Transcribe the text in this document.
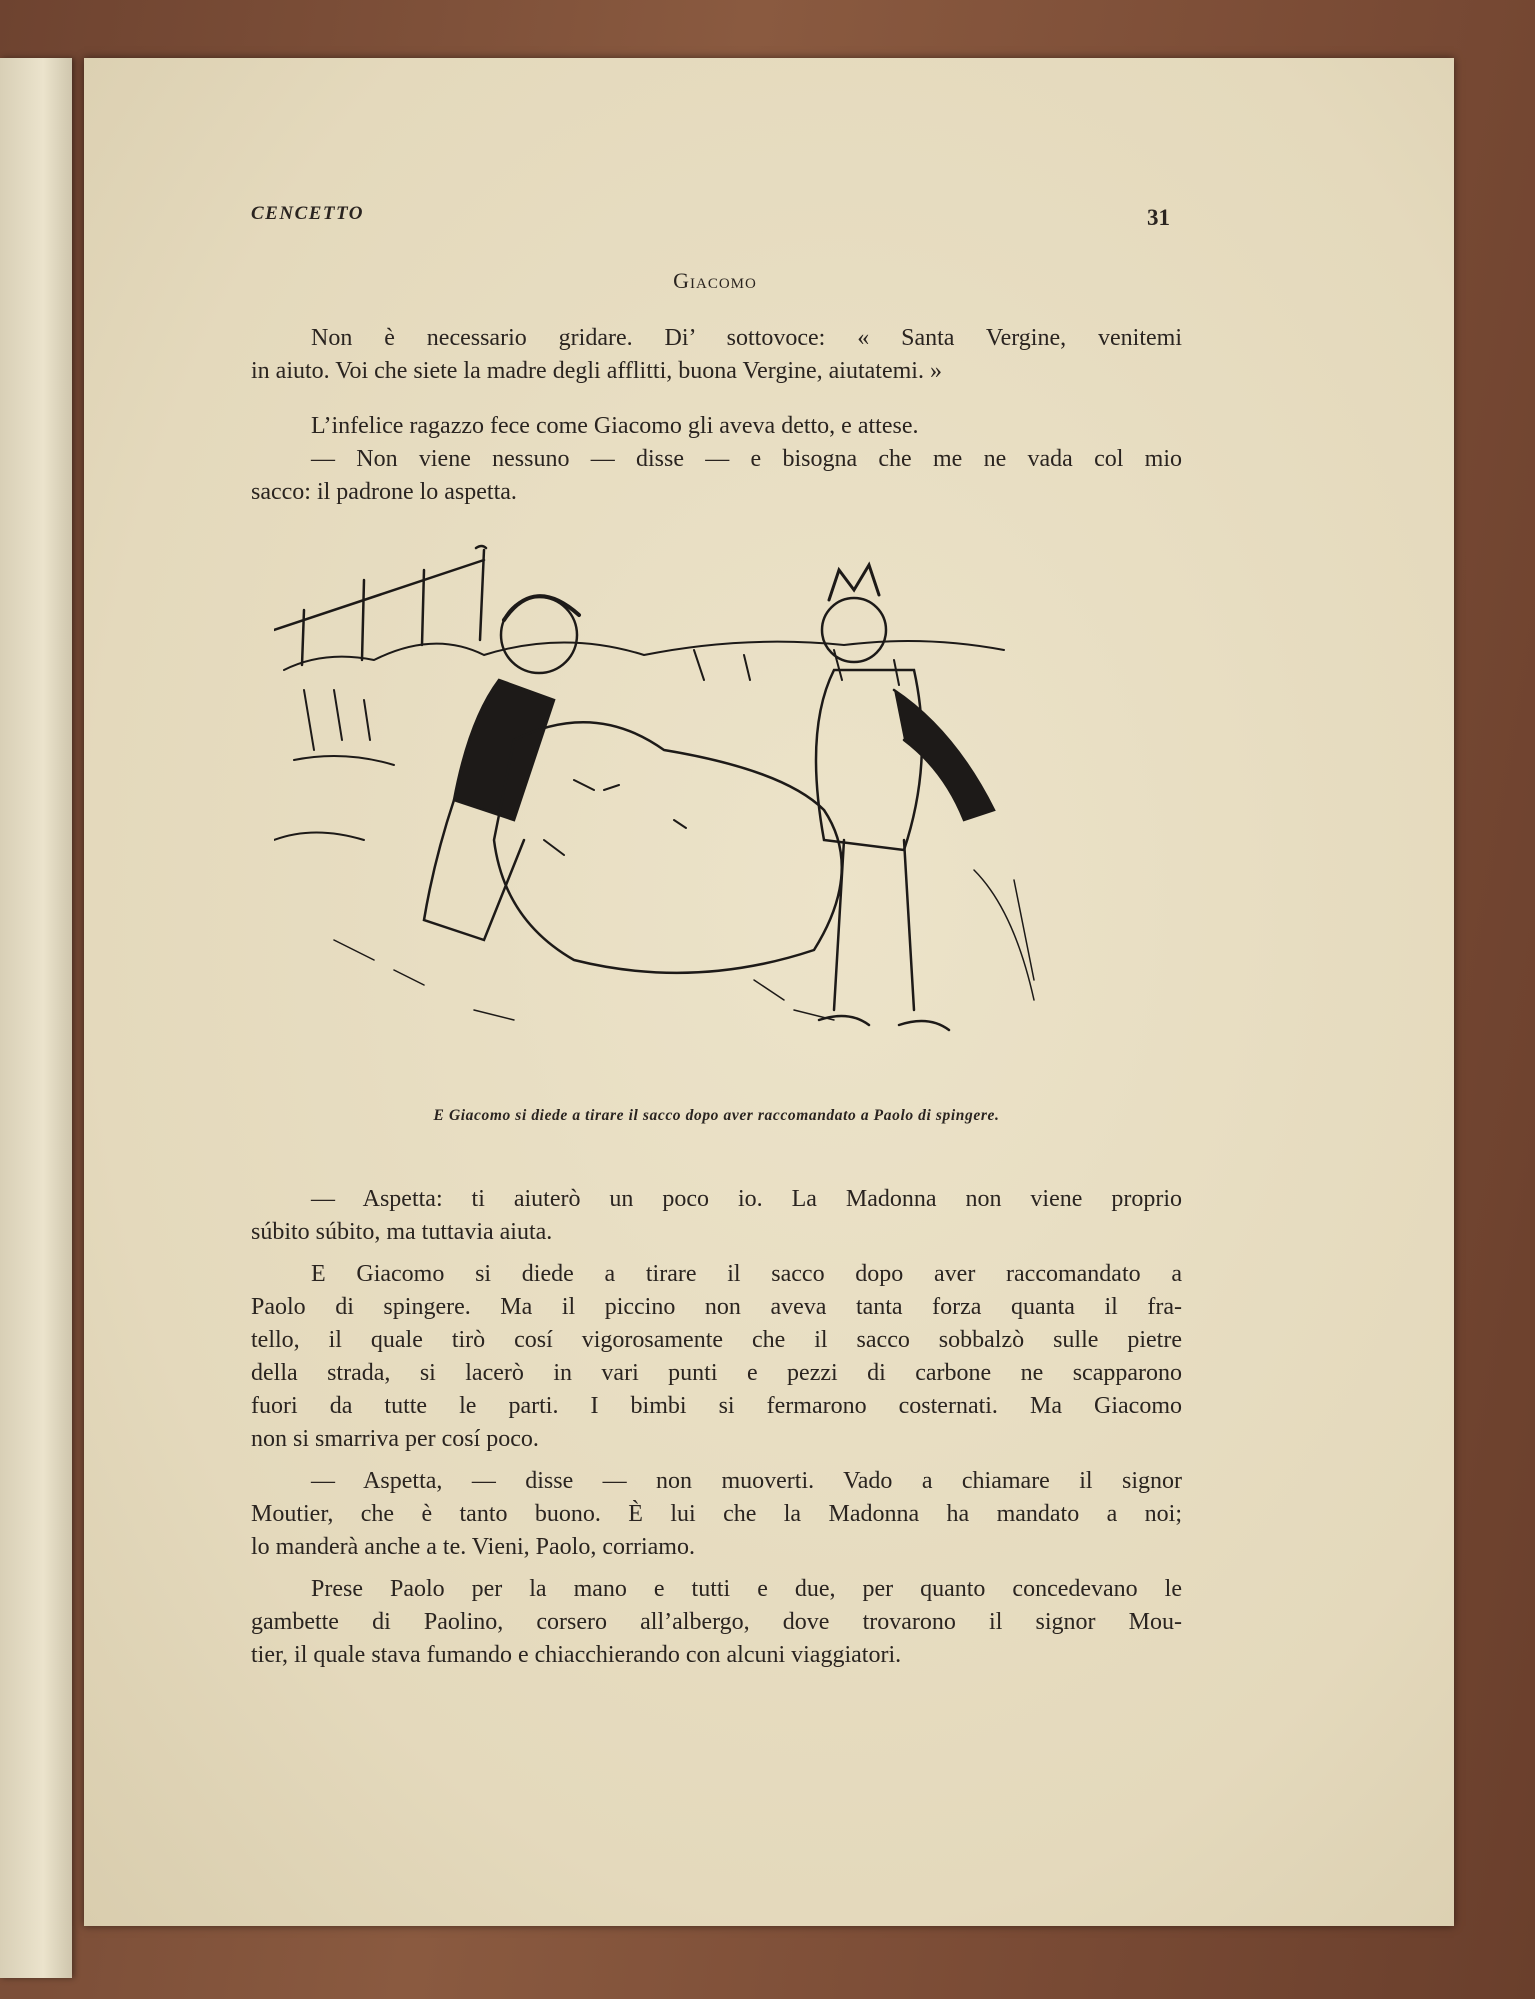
CENCETTO	31
Giacomo
Non è necessario gridare. Di’ sottovoce: « Santa Vergine, venitemi
in aiuto. Voi che siete la madre degli afflitti, buona Vergine, aiutatemi. »
L’infelice ragazzo fece come Giacomo gli aveva detto, e attese.
— Non viene nessuno — disse — e bisogna che me ne vada col mio
sacco: il padrone lo aspetta.
E Giacomo si diede a tirare il sacco dopo aver raccomandato a Paolo di spingere.
— Aspetta: ti aiuterò un poco io. La Madonna non viene proprio
súbito súbito, ma tuttavia aiuta.
E Giacomo si diede a tirare il sacco dopo aver raccomandato a
Paolo di spingere. Ma il piccino non aveva tanta forza quanta il fra-
tello, il quale tirò cosí vigorosamente che il sacco sobbalzò sulle pietre
della strada, si lacerò in vari punti e pezzi di carbone ne scapparono
fuori da tutte le parti. I bimbi si fermarono costernati. Ma Giacomo
non si smarriva per cosí poco.
— Aspetta, — disse — non muoverti. Vado a chiamare il signor
Moutier, che è tanto buono. È lui che la Madonna ha mandato a noi;
lo manderà anche a te. Vieni, Paolo, corriamo.
Prese Paolo per la mano e tutti e due, per quanto concedevano le
gambette di Paolino, corsero all’albergo, dove trovarono il signor Mou-
tier, il quale stava fumando e chiacchierando con alcuni viaggiatori.
